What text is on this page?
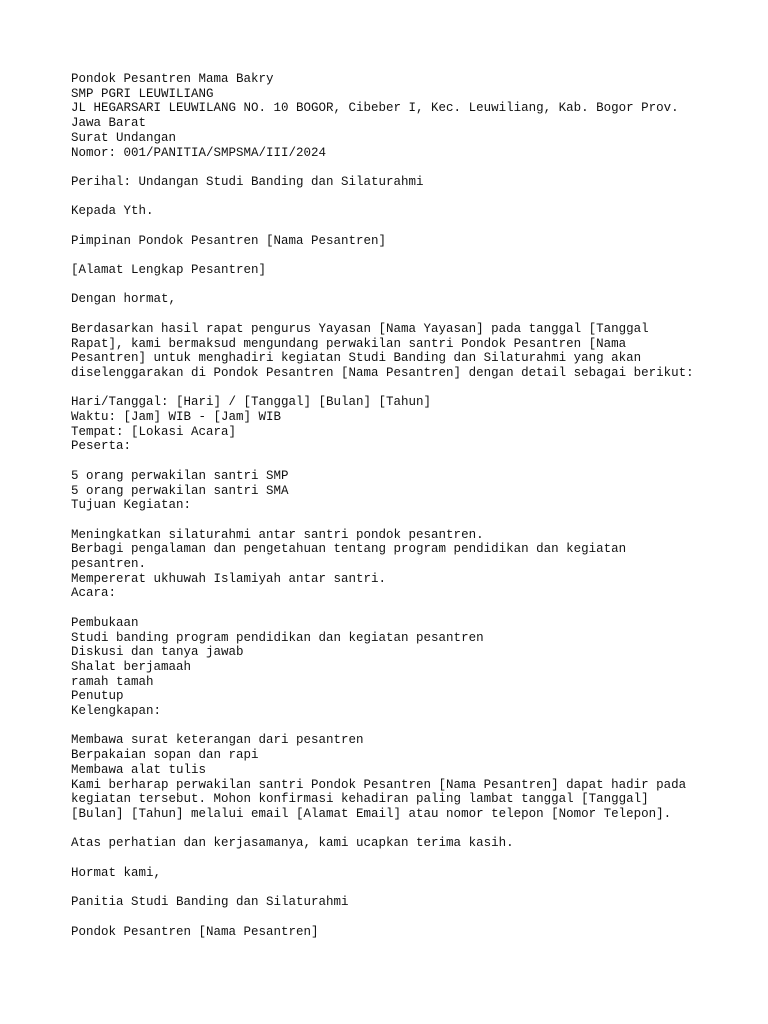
Pondok Pesantren Mama Bakry
SMP PGRI LEUWILIANG
JL HEGARSARI LEUWILANG NO. 10 BOGOR, Cibeber I, Kec. Leuwiliang, Kab. Bogor Prov.
Jawa Barat
Surat Undangan
Nomor: 001/PANITIA/SMPSMA/III/2024
Perihal: Undangan Studi Banding dan Silaturahmi
Kepada Yth.
Pimpinan Pondok Pesantren [Nama Pesantren]
[Alamat Lengkap Pesantren]
Dengan hormat,
Berdasarkan hasil rapat pengurus Yayasan [Nama Yayasan] pada tanggal [Tanggal
Rapat], kami bermaksud mengundang perwakilan santri Pondok Pesantren [Nama
Pesantren] untuk menghadiri kegiatan Studi Banding dan Silaturahmi yang akan
diselenggarakan di Pondok Pesantren [Nama Pesantren] dengan detail sebagai berikut:
Hari/Tanggal: [Hari] / [Tanggal] [Bulan] [Tahun]
Waktu: [Jam] WIB - [Jam] WIB
Tempat: [Lokasi Acara]
Peserta:
5 orang perwakilan santri SMP
5 orang perwakilan santri SMA
Tujuan Kegiatan:
Meningkatkan silaturahmi antar santri pondok pesantren.
Berbagi pengalaman dan pengetahuan tentang program pendidikan dan kegiatan
pesantren.
Mempererat ukhuwah Islamiyah antar santri.
Acara:
Pembukaan
Studi banding program pendidikan dan kegiatan pesantren
Diskusi dan tanya jawab
Shalat berjamaah
ramah tamah
Penutup
Kelengkapan:
Membawa surat keterangan dari pesantren
Berpakaian sopan dan rapi
Membawa alat tulis
Kami berharap perwakilan santri Pondok Pesantren [Nama Pesantren] dapat hadir pada
kegiatan tersebut. Mohon konfirmasi kehadiran paling lambat tanggal [Tanggal]
[Bulan] [Tahun] melalui email [Alamat Email] atau nomor telepon [Nomor Telepon].
Atas perhatian dan kerjasamanya, kami ucapkan terima kasih.
Hormat kami,
Panitia Studi Banding dan Silaturahmi
Pondok Pesantren [Nama Pesantren]
